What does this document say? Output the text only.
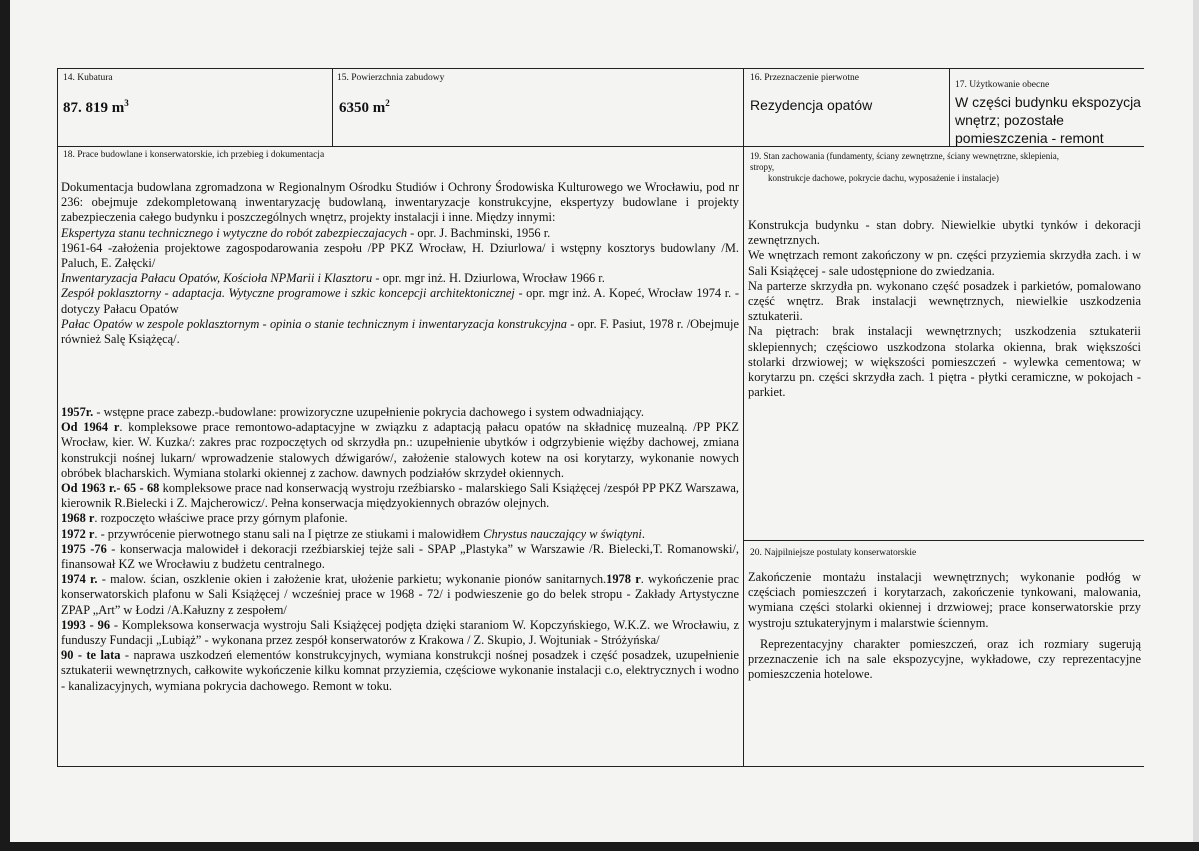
14. Kubatura
87. 819 $m^3$
15. Powierzchnia zabudowy
6350 $m^2$
16. Przeznaczenie pierwotne
Rezydencja opatów
17. Użytkowanie obecne
W części budynku ekspozycja
wnętrz; pozostałe
pomieszczenia - remont
18. Prace budowlane i konserwatorskie, ich przebieg i dokumentacja

Dokumentacja budowlana zgromadzona w Regionalnym Ośrodku Studiów i Ochrony Środowiska Kulturowego we Wrocławiu, pod nr 236: obejmuje zdekompletowaną inwentaryzację budowlaną, inwentaryzacje konstrukcyjne, ekspertyzy budowlane i projekty zabezpieczenia całego budynku i poszczególnych wnętrz, projekty instalacji i inne. Między innymi:

Ekspertyza stanu technicznego i wytyczne do robót zabezpieczajacych - opr. J. Bachminski, 1956 r.

1961-64 -założenia projektowe zagospodarowania zespołu /PP PKZ Wrocław, H. Dziurlowa/ i wstępny kosztorys budowlany /M. Paluch, E. Załęcki/

Inwentaryzacja Pałacu Opatów, Kościoła NPMarii i Klasztoru - opr. mgr inż. H. Dziurlowa, Wrocław 1966 r.

Zespół poklasztorny - adaptacja. Wytyczne programowe i szkic koncepcji architektonicznej - opr. mgr inż. A. Kopeć, Wrocław 1974 r. - dotyczy Pałacu Opatów

Pałac Opatów w zespole poklasztornym - opinia o stanie technicznym i inwentaryzacja konstrukcyjna - opr. F. Pasiut, 1978 r. /Obejmuje również Salę Książęcą/.

1957r. - wstępne prace zabezp.-budowlane: prowizoryczne uzupełnienie pokrycia dachowego i system odwadniający.

Od 1964 r. kompleksowe prace remontowo-adaptacyjne w związku z adaptacją pałacu opatów na składnicę muzealną. /PP PKZ Wrocław, kier. W. Kuzka/: zakres prac rozpoczętych od skrzydła pn.: uzupełnienie ubytków i odgrzybienie więźby dachowej, zmiana konstrukcji nośnej lukarn/ wprowadzenie stalowych dźwigarów/, założenie stalowych kotew na osi korytarzy, wykonanie nowych obróbek blacharskich. Wymiana stolarki okiennej z zachow. dawnych podziałów skrzydeł okiennych.

Od 1963 r.- 65 - 68 kompleksowe prace nad konserwacją wystroju rzeźbiarsko - malarskiego Sali Książęcej /zespół PP PKZ Warszawa, kierownik R.Bielecki i Z. Majcherowicz/. Pełna konserwacja międzyokiennych obrazów olejnych.

1968 r. rozpoczęto właściwe prace przy górnym plafonie.

1972 r. - przywrócenie pierwotnego stanu sali na I piętrze ze stiukami i malowidłem Chrystus nauczający w świątyni.

1975 -76 - konserwacja malowideł i dekoracji rzeźbiarskiej tejże sali - SPAP „Plastyka” w Warszawie /R. Bielecki,T. Romanowski/, finansował KZ we Wrocławiu z budżetu centralnego.

1974 r. - malow. ścian, oszklenie okien i założenie krat, ułożenie parkietu; wykonanie pionów sanitarnych.1978 r. wykończenie prac konserwatorskich plafonu w Sali Książęcej / wcześniej prace w 1968 - 72/ i podwieszenie go do belek stropu - Zakłady Artystyczne ZPAP „Art” w Łodzi /A.Kałuzny z zespołem/

1993 - 96 - Kompleksowa konserwacja wystroju Sali Książęcej podjęta dzięki staraniom W. Kopczyńskiego, W.K.Z. we Wrocławiu, z funduszy Fundacji „Lubiąż” - wykonana przez zespół konserwatorów z Krakowa / Z. Skupio, J. Wojtuniak - Stróżyńska/

90 - te lata - naprawa uszkodzeń elementów konstrukcyjnych, wymiana konstrukcji nośnej posadzek i część posadzek, uzupełnienie sztukaterii wewnętrznych, całkowite wykończenie kilku komnat przyziemia, częściowe wykonanie instalacji c.o, elektrycznych i wodno - kanalizacyjnych, wymiana pokrycia dachowego. Remont w toku.

19. Stan zachowania (fundamenty, ściany zewnętrzne, ściany wewnętrzne, sklepienia,
stropy,
konstrukcje dachowe, pokrycie dachu, wyposażenie i instalacje)

Konstrukcja budynku - stan dobry. Niewielkie ubytki tynków i dekoracji zewnętrznych.

We wnętrzach remont zakończony w pn. części przyziemia skrzydła zach. i w Sali Książęcej - sale udostępnione do zwiedzania.

Na parterze skrzydła pn. wykonano część posadzek i parkietów, pomalowano część wnętrz. Brak instalacji wewnętrznych, niewielkie uszkodzenia sztukaterii.

Na piętrach: brak instalacji wewnętrznych; uszkodzenia sztukaterii sklepiennych; częściowo uszkodzona stolarka okienna, brak większości stolarki drzwiowej; w większości pomieszczeń - wylewka cementowa; w korytarzu pn. części skrzydła zach. 1 piętra - płytki ceramiczne, w pokojach - parkiet.

20. Najpilniejsze postulaty konserwatorskie

Zakończenie montażu instalacji wewnętrznych; wykonanie podłóg w częściach pomieszczeń i korytarzach, zakończenie tynkowani, malowania, wymiana części stolarki okiennej i drzwiowej; prace konserwatorskie przy wystroju sztukateryjnym i malarstwie ściennym.

Reprezentacyjny charakter pomieszczeń, oraz ich rozmiary sugerują przeznaczenie ich na sale ekspozycyjne, wykładowe, czy reprezentacyjne pomieszczenia hotelowe.
